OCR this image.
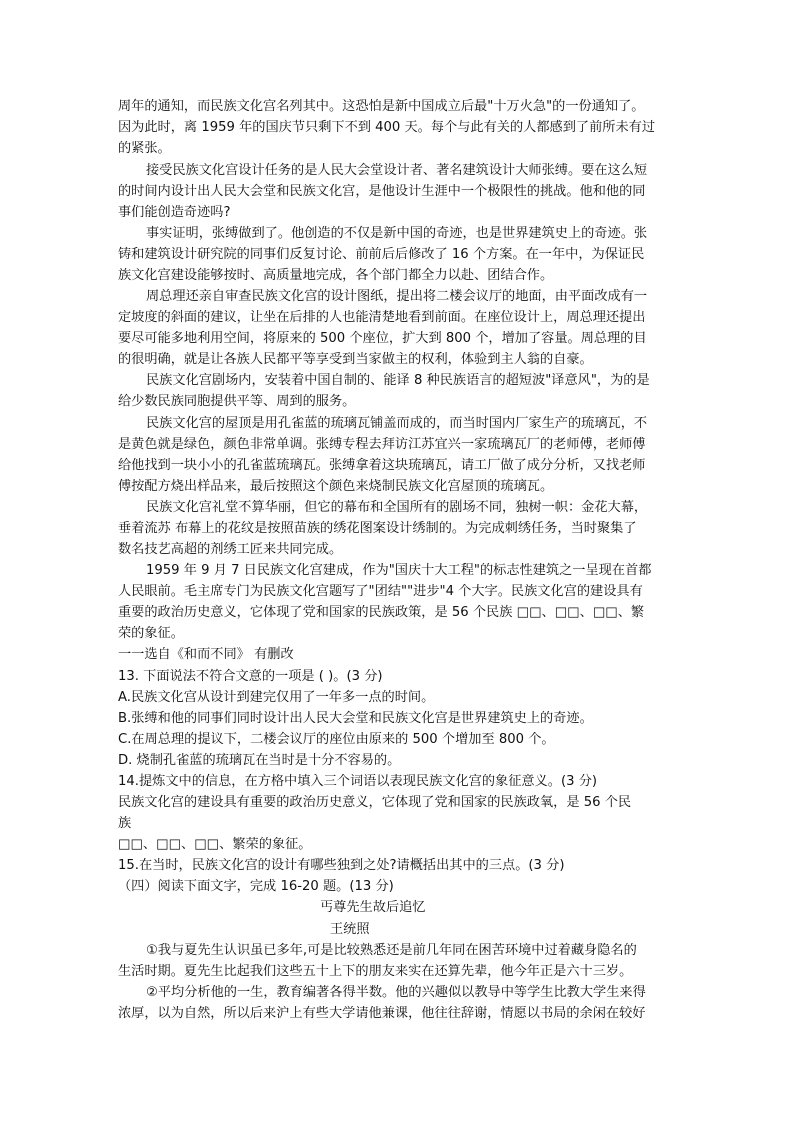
周年的通知，而民族文化宫名列其中。这恐怕是新中国成立后最"十万火急"的一份通知了。
因为此时，离 1959 年的国庆节只剩下不到 400 天。每个与此有关的人都感到了前所未有过
的紧张。
接受民族文化宫设计任务的是人民大会堂设计者、著名建筑设计大师张缚。要在这么短
的时间内设计出人民大会堂和民族文化宫，是他设计生涯中一个极限性的挑战。他和他的同
事们能创造奇迹吗?
事实证明，张缚做到了。他创造的不仅是新中国的奇迹，也是世界建筑史上的奇迹。张
铸和建筑设计研究院的同事们反复讨论、前前后后修改了 16 个方案。在一年中，为保证民
族文化宫建设能够按时、高质量地完成，各个部门都全力以赴、团结合作。
周总理还亲自审查民族文化宫的设计图纸，提出将二楼会议厅的地面，由平面改成有一
定坡度的斜面的建议，让坐在后排的人也能清楚地看到前面。在座位设计上，周总理还提出
要尽可能多地利用空间，将原来的 500 个座位，扩大到 800 个，增加了容量。周总理的目
的很明确，就是让各族人民都平等享受到当家做主的权利，体验到主人翁的自豪。
民族文化宫剧场内，安装着中国自制的、能译 8 种民族语言的超短波"译意风"，为的是
给少数民族同胞提供平等、周到的服务。
民族文化宫的屋顶是用孔雀蓝的琉璃瓦铺盖而成的，而当时国内厂家生产的琉璃瓦，不
是黄色就是绿色，颜色非常单调。张缚专程去拜访江苏宜兴一家琉璃瓦厂的老师傅，老师傅
给他找到一块小小的孔雀蓝琉璃瓦。张缚拿着这块琉璃瓦，请工厂做了成分分析，又找老师
傅按配方烧出样品来，最后按照这个颜色来烧制民族文化宫屋顶的琉璃瓦。
民族文化宫礼堂不算华丽，但它的幕布和全国所有的剧场不同，独树一帜：金花大幕，
垂着流苏 布幕上的花纹是按照苗族的绣花图案设计绣制的。为完成刺绣任务，当时聚集了
数名技艺高超的剂绣工匠来共同完成。
1959 年 9 月 7 日民族文化宫建成，作为"国庆十大工程"的标志性建筑之一呈现在首都
人民眼前。毛主席专门为民族文化宫题写了"团结""进步"4 个大字。民族文化宫的建设具有
重要的政治历史意义，它体现了党和国家的民族政策，是 56 个民族 □□、□□、□□、繁
荣的象征。
一一选自《和而不同》 有删改
13. 下面说法不符合文意的一项是 ( )。(3 分)
A.民族文化宫从设计到建完仅用了一年多一点的时间。
B.张缚和他的同事们同时设计出人民大会堂和民族文化宫是世界建筑史上的奇迹。
C.在周总理的提议下，二楼会议厅的座位由原来的 500 个增加至 800 个。
D. 烧制孔雀蓝的琉璃瓦在当时是十分不容易的。
14.提炼文中的信息，在方格中填入三个词语以表现民族文化宫的象征意义。(3 分)
民族文化宫的建设具有重要的政治历史意义，它体现了党和国家的民族政氧，是 56 个民
族
□□、□□、□□、繁荣的象征。
15.在当时，民族文化宫的设计有哪些独到之处?请概括出其中的三点。(3 分)
（四）阅读下面文字，完成 16-20 题。(13 分)
丐尊先生故后追忆
王统照
①我与夏先生认识虽已多年,可是比较熟悉还是前几年同在困苦环境中过着藏身隐名的
生活时期。夏先生比起我们这些五十上下的朋友来实在还算先辈，他今年正是六十三岁。
②平均分析他的一生，教育编著各得半数。他的兴趣似以教导中等学生比教大学生来得
浓厚，以为自然，所以后来沪上有些大学请他兼课，他往往辞谢，情愿以书局的余闲在较好
